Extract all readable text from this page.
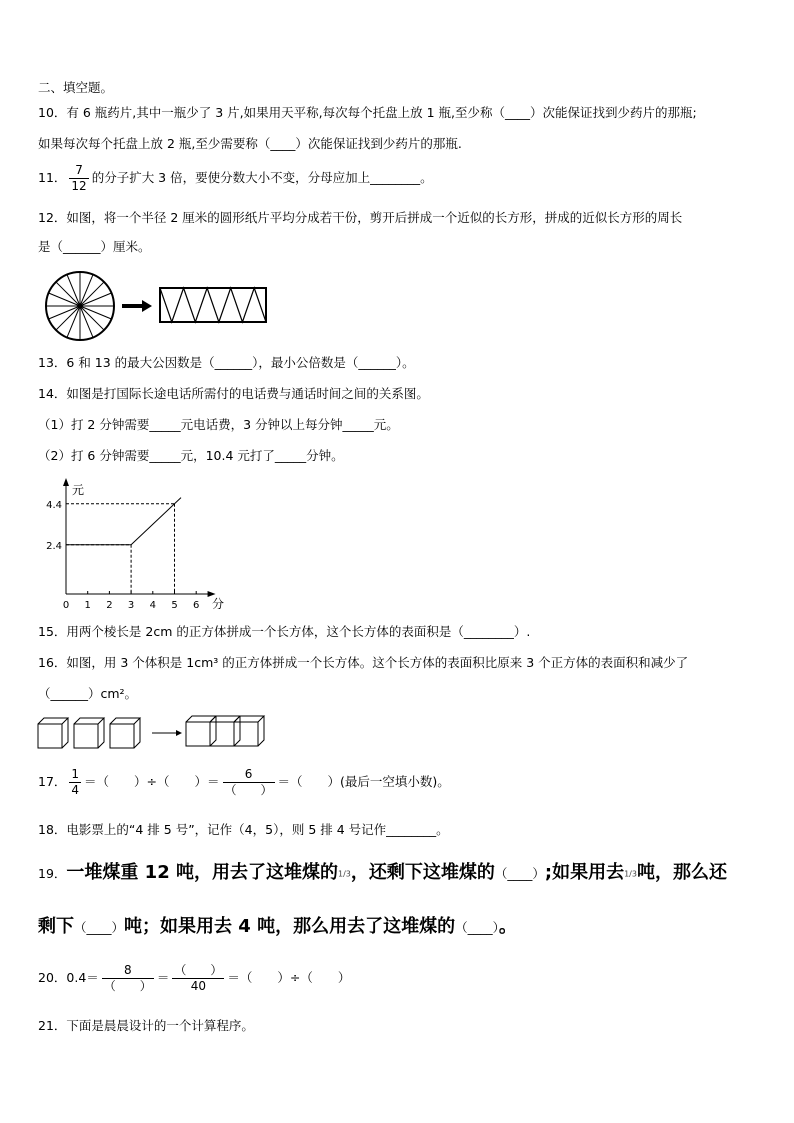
二、填空题。
10．有 6 瓶药片,其中一瓶少了 3 片,如果用天平称,每次每个托盘上放 1 瓶,至少称（____）次能保证找到少药片的那瓶;
如果每次每个托盘上放 2 瓶,至少需要称（____）次能保证找到少药片的那瓶.
11． $\frac{7}{12}$ 的分子扩大 3 倍，要使分数大小不变，分母应加上________。
12．如图，将一个半径 2 厘米的圆形纸片平均分成若干份，剪开后拼成一个近似的长方形，拼成的近似长方形的周长
是（______）厘米。
13．6 和 13 的最大公因数是（______），最小公倍数是（______）。
14．如图是打国际长途电话所需付的电话费与通话时间之间的关系图。
（1）打 2 分钟需要_____元电话费，3 分钟以上每分钟_____元。
（2）打 6 分钟需要_____元，10.4 元打了_____分钟。
0 1 2 3 4 5 6
2.4
4.4
元
分
15．用两个棱长是 2cm 的正方体拼成一个长方体，这个长方体的表面积是（________）.
16．如图，用 3 个体积是 1cm³ 的正方体拼成一个长方体。这个长方体的表面积比原来 3 个正方体的表面积和减少了
（______）cm²。
17． $\frac{1}{4}$ ＝（　　）÷（　　）＝ $\frac{6}{( )}$ ＝（　　）(最后一空填小数)。
18．电影票上的“4 排 5 号”，记作（4，5），则 5 排 4 号记作________。
19．一堆煤重 12 吨，用去了这堆煤的1/3，还剩下这堆煤的（____）;如果用去1/3吨，那么还
剩下（____）吨；如果用去 4 吨，那么用去了这堆煤的（____）。
20．$0.4= \frac{8}{( )} = \frac{( )}{40}$ ＝（　　）÷（　　）
21．下面是晨晨设计的一个计算程序。
